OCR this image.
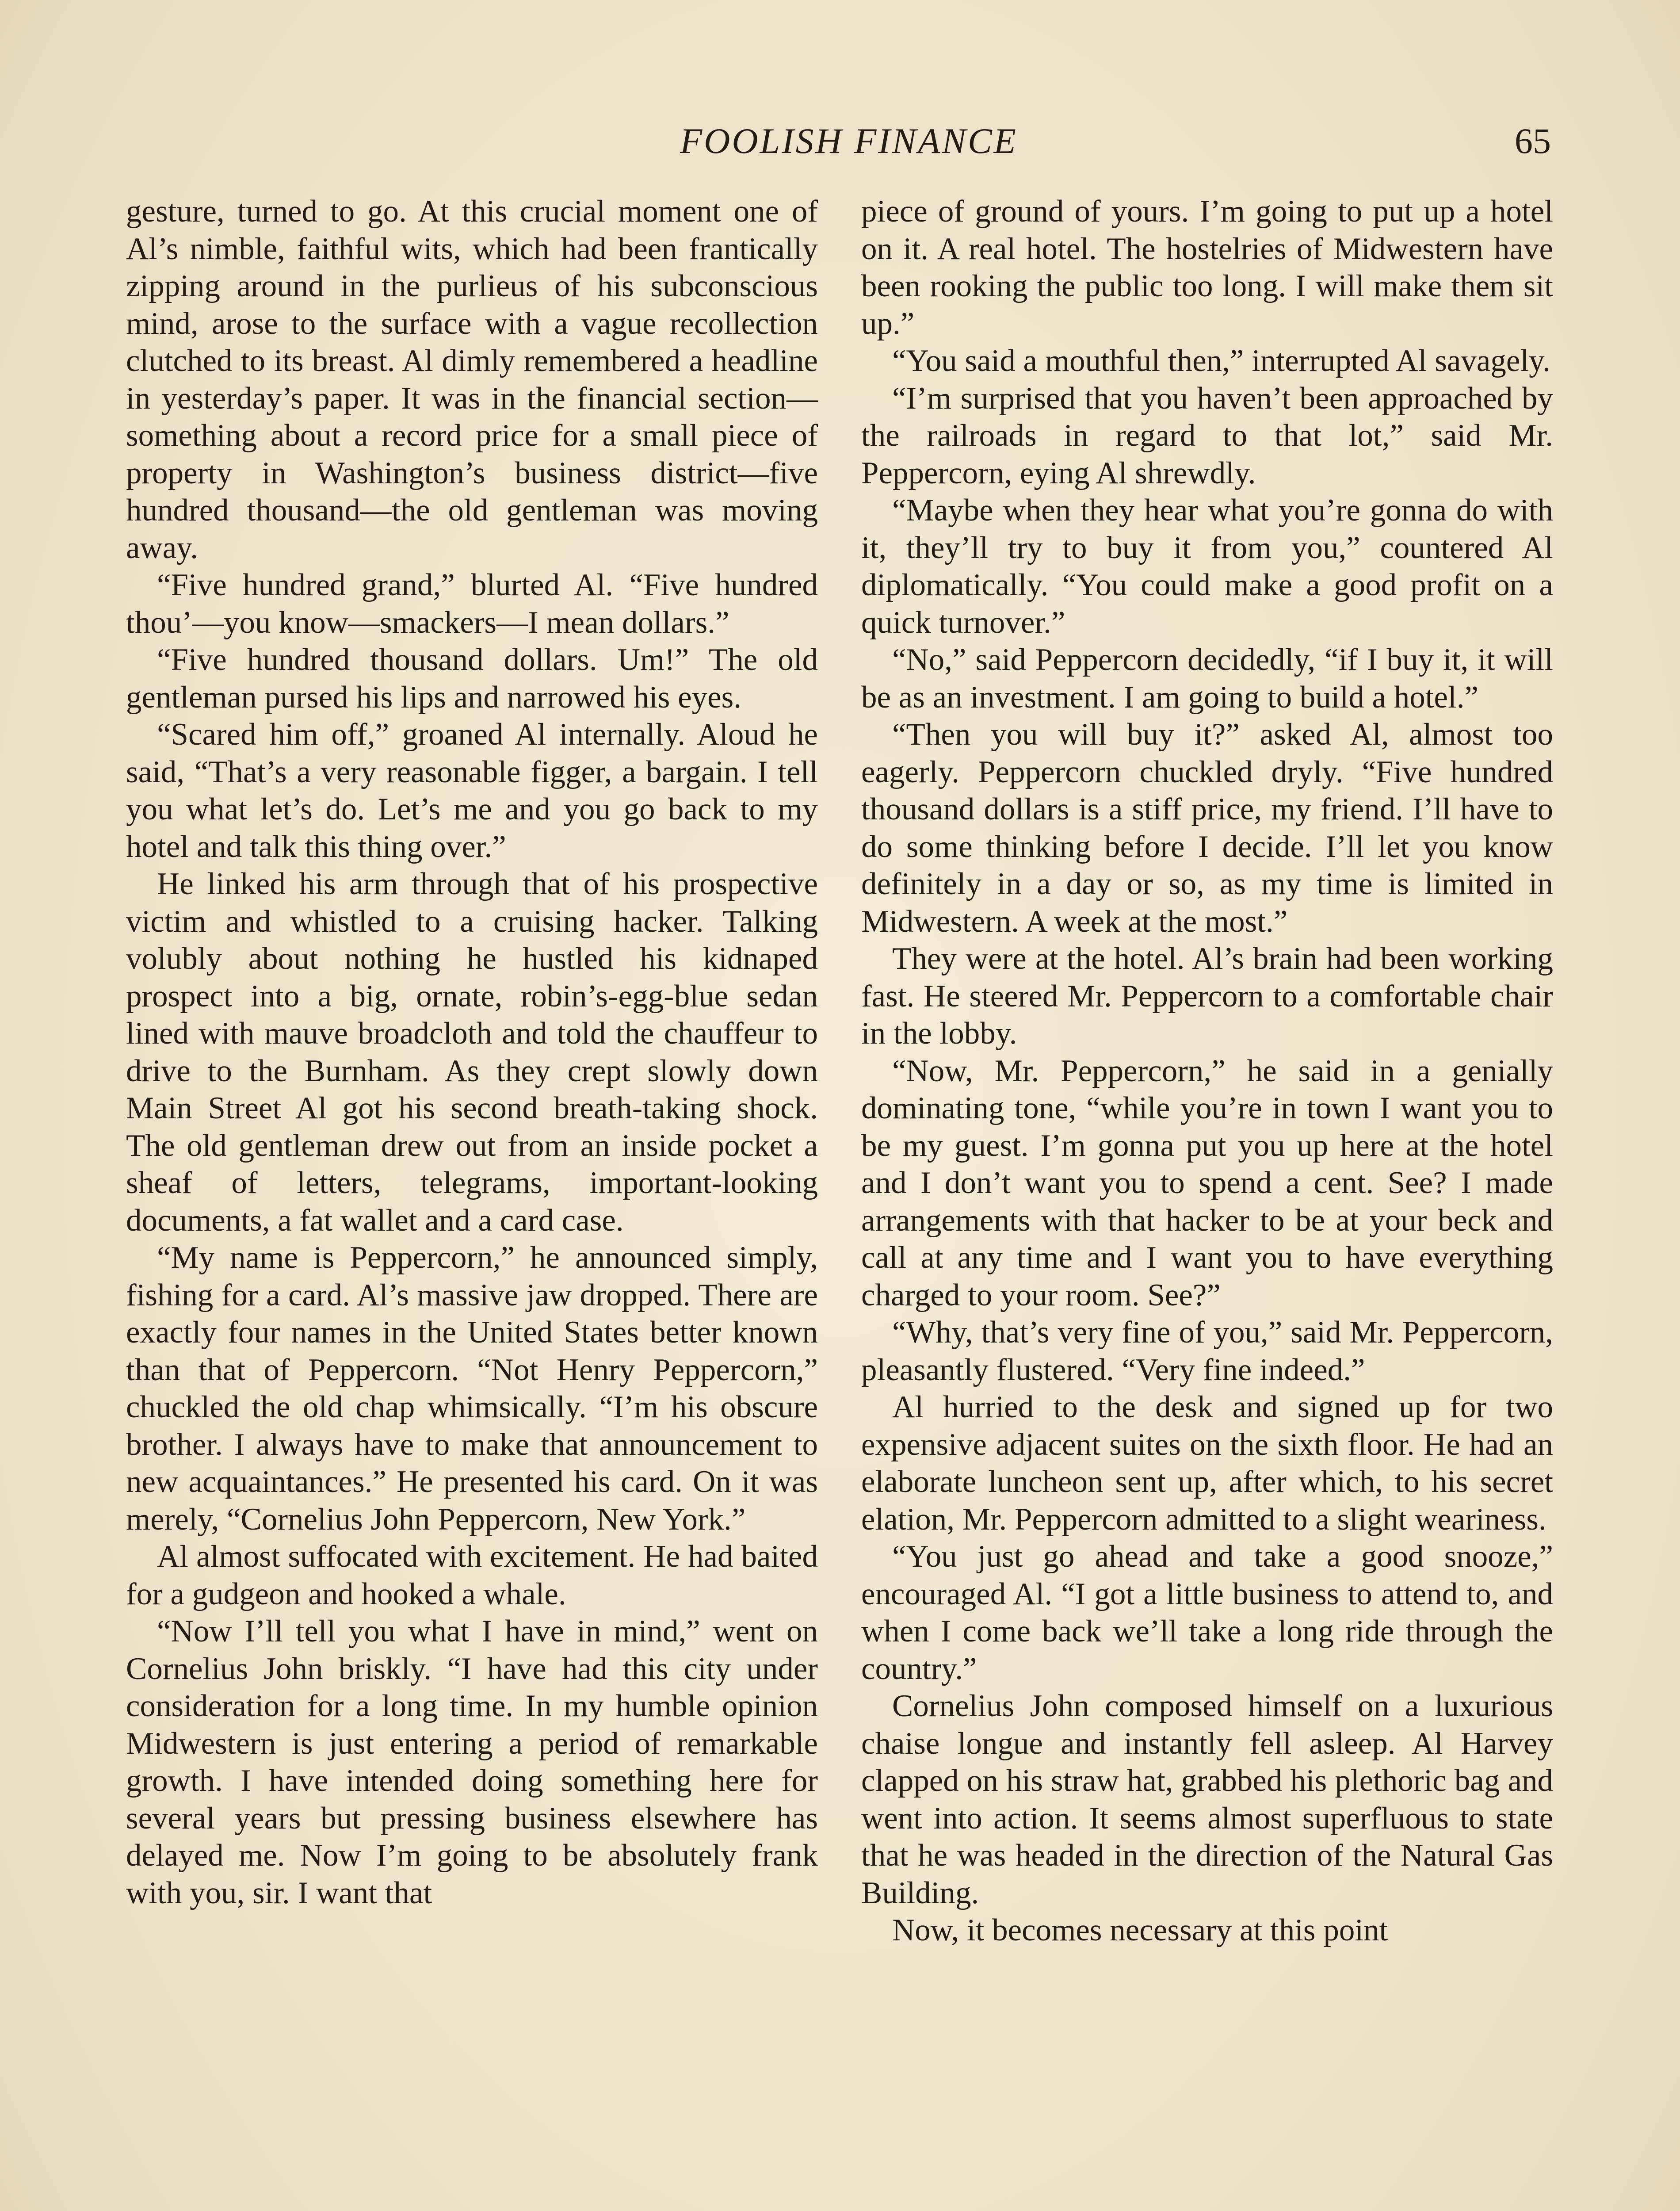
FOOLISH FINANCE	65

gesture, turned to go. At this crucial moment one of Al’s nimble, faithful wits, which had been frantically zipping around in the purlieus of his subconscious mind, arose to the surface with a vague recollection clutched to its breast. Al dimly remembered a headline in yesterday’s paper. It was in the financial section—something about a record price for a small piece of property in Washington’s business district—five hundred thousand—the old gentleman was moving away.

“Five hundred grand,” blurted Al. “Five hundred thou’—you know—smackers—I mean dollars.”

“Five hundred thousand dollars. Um!” The old gentleman pursed his lips and narrowed his eyes.

“Scared him off,” groaned Al internally. Aloud he said, “That’s a very reasonable figger, a bargain. I tell you what let’s do. Let’s me and you go back to my hotel and talk this thing over.”

He linked his arm through that of his prospective victim and whistled to a cruising hacker. Talking volubly about nothing he hustled his kidnaped prospect into a big, ornate, robin’s-egg-blue sedan lined with mauve broadcloth and told the chauffeur to drive to the Burnham. As they crept slowly down Main Street Al got his second breath-taking shock. The old gentleman drew out from an inside pocket a sheaf of letters, telegrams, important-looking documents, a fat wallet and a card case.

“My name is Peppercorn,” he announced simply, fishing for a card. Al’s massive jaw dropped. There are exactly four names in the United States better known than that of Peppercorn. “Not Henry Peppercorn,” chuckled the old chap whimsically. “I’m his obscure brother. I always have to make that announcement to new acquaintances.” He presented his card. On it was merely, “Cornelius John Peppercorn, New York.”

Al almost suffocated with excitement. He had baited for a gudgeon and hooked a whale.

“Now I’ll tell you what I have in mind,” went on Cornelius John briskly. “I have had this city under consideration for a long time. In my humble opinion Midwestern is just entering a period of remarkable growth. I have intended doing something here for several years but pressing business elsewhere has delayed me. Now I’m going to be absolutely frank with you, sir. I want that

piece of ground of yours. I’m going to put up a hotel on it. A real hotel. The hostelries of Midwestern have been rooking the public too long. I will make them sit up.”

“You said a mouthful then,” interrupted Al savagely.

“I’m surprised that you haven’t been approached by the railroads in regard to that lot,” said Mr. Peppercorn, eying Al shrewdly.

“Maybe when they hear what you’re gonna do with it, they’ll try to buy it from you,” countered Al diplomatically. “You could make a good profit on a quick turnover.”

“No,” said Peppercorn decidedly, “if I buy it, it will be as an investment. I am going to build a hotel.”

“Then you will buy it?” asked Al, almost too eagerly. Peppercorn chuckled dryly. “Five hundred thousand dollars is a stiff price, my friend. I’ll have to do some thinking before I decide. I’ll let you know definitely in a day or so, as my time is limited in Midwestern. A week at the most.”

They were at the hotel. Al’s brain had been working fast. He steered Mr. Peppercorn to a comfortable chair in the lobby.

“Now, Mr. Peppercorn,” he said in a genially dominating tone, “while you’re in town I want you to be my guest. I’m gonna put you up here at the hotel and I don’t want you to spend a cent. See? I made arrangements with that hacker to be at your beck and call at any time and I want you to have everything charged to your room. See?”

“Why, that’s very fine of you,” said Mr. Peppercorn, pleasantly flustered. “Very fine indeed.”

Al hurried to the desk and signed up for two expensive adjacent suites on the sixth floor. He had an elaborate luncheon sent up, after which, to his secret elation, Mr. Peppercorn admitted to a slight weariness.

“You just go ahead and take a good snooze,” encouraged Al. “I got a little business to attend to, and when I come back we’ll take a long ride through the country.”

Cornelius John composed himself on a luxurious chaise longue and instantly fell asleep. Al Harvey clapped on his straw hat, grabbed his plethoric bag and went into action. It seems almost superfluous to state that he was headed in the direction of the Natural Gas Building.

Now, it becomes necessary at this point
